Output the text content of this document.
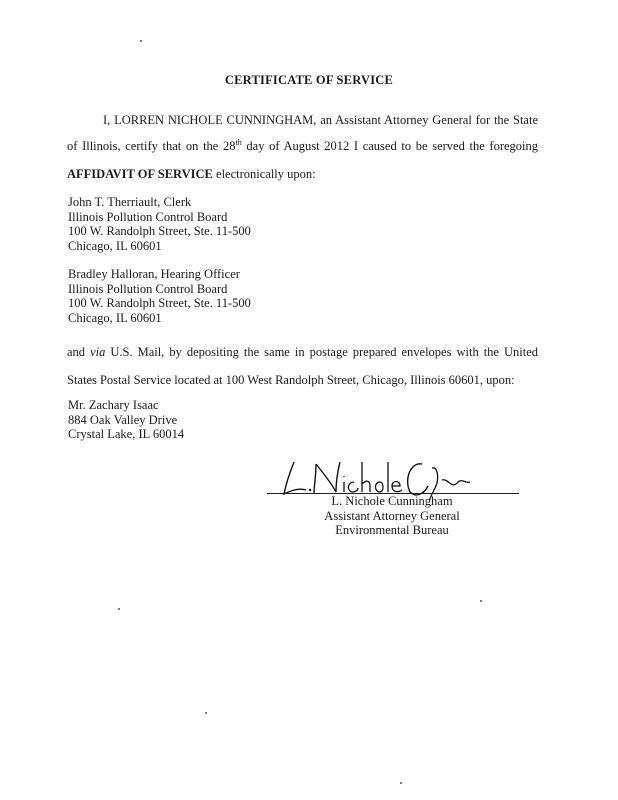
CERTIFICATE OF SERVICE
I, LORREN NICHOLE CUNNINGHAM, an Assistant Attorney General for the State
of Illinois, certify that on the 28th day of August 2012 I caused to be served the foregoing
AFFIDAVIT OF SERVICE electronically upon:
John T. Therriault, Clerk
Illinois Pollution Control Board
100 W. Randolph Street, Ste. 11-500
Chicago, IL 60601
Bradley Halloran, Hearing Officer
Illinois Pollution Control Board
100 W. Randolph Street, Ste. 11-500
Chicago, IL 60601
and via U.S. Mail, by depositing the same in postage prepared envelopes with the United
States Postal Service located at 100 West Randolph Street, Chicago, Illinois 60601, upon:
Mr. Zachary Isaac
884 Oak Valley Drive
Crystal Lake, IL 60014
L. Nichole Cunningham
Assistant Attorney General
Environmental Bureau
